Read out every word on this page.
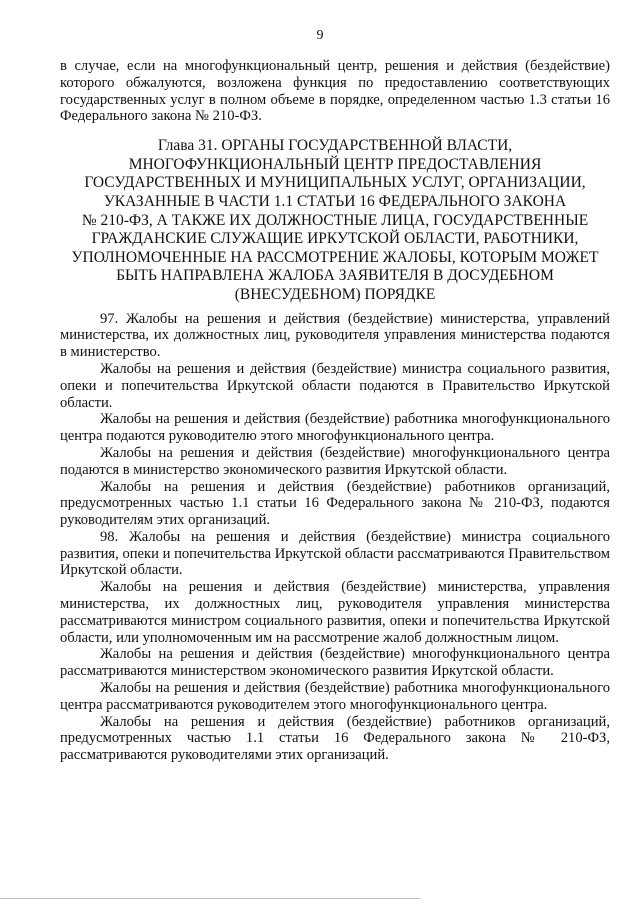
9

в случае, если на многофункциональный центр, решения и действия (бездействие) которого обжалуются, возложена функция по предоставлению соответствующих государственных услуг в полном объеме в порядке, определенном частью 1.3 статьи 16 Федерального закона № 210-ФЗ.

Глава 31. ОРГАНЫ ГОСУДАРСТВЕННОЙ ВЛАСТИ,
МНОГОФУНКЦИОНАЛЬНЫЙ ЦЕНТР ПРЕДОСТАВЛЕНИЯ
ГОСУДАРСТВЕННЫХ И МУНИЦИПАЛЬНЫХ УСЛУГ, ОРГАНИЗАЦИИ,
УКАЗАННЫЕ В ЧАСТИ 1.1 СТАТЬИ 16 ФЕДЕРАЛЬНОГО ЗАКОНА
№ 210-ФЗ, А ТАКЖЕ ИХ ДОЛЖНОСТНЫЕ ЛИЦА, ГОСУДАРСТВЕННЫЕ
ГРАЖДАНСКИЕ СЛУЖАЩИЕ ИРКУТСКОЙ ОБЛАСТИ, РАБОТНИКИ,
УПОЛНОМОЧЕННЫЕ НА РАССМОТРЕНИЕ ЖАЛОБЫ, КОТОРЫМ МОЖЕТ
БЫТЬ НАПРАВЛЕНА ЖАЛОБА ЗАЯВИТЕЛЯ В ДОСУДЕБНОМ
(ВНЕСУДЕБНОМ) ПОРЯДКЕ

97. Жалобы на решения и действия (бездействие) министерства, управлений министерства, их должностных лиц, руководителя управления министерства подаются в министерство.

Жалобы на решения и действия (бездействие) министра социального развития, опеки и попечительства Иркутской области подаются в Правительство Иркутской области.

Жалобы на решения и действия (бездействие) работника многофункционального центра подаются руководителю этого многофункционального центра.

Жалобы на решения и действия (бездействие) многофункционального центра подаются в министерство экономического развития Иркутской области.

Жалобы на решения и действия (бездействие) работников организаций, предусмотренных частью 1.1 статьи 16 Федерального закона № 210-ФЗ, подаются руководителям этих организаций.

98. Жалобы на решения и действия (бездействие) министра социального развития, опеки и попечительства Иркутской области рассматриваются Правительством Иркутской области.

Жалобы на решения и действия (бездействие) министерства, управления министерства, их должностных лиц, руководителя управления министерства рассматриваются министром социального развития, опеки и попечительства Иркутской области, или уполномоченным им на рассмотрение жалоб должностным лицом.

Жалобы на решения и действия (бездействие) многофункционального центра рассматриваются министерством экономического развития Иркутской области.

Жалобы на решения и действия (бездействие) работника многофункционального центра рассматриваются руководителем этого многофункционального центра.

Жалобы на решения и действия (бездействие) работников организаций, предусмотренных частью 1.1 статьи 16 Федерального закона № 210-ФЗ, рассматриваются руководителями этих организаций.
